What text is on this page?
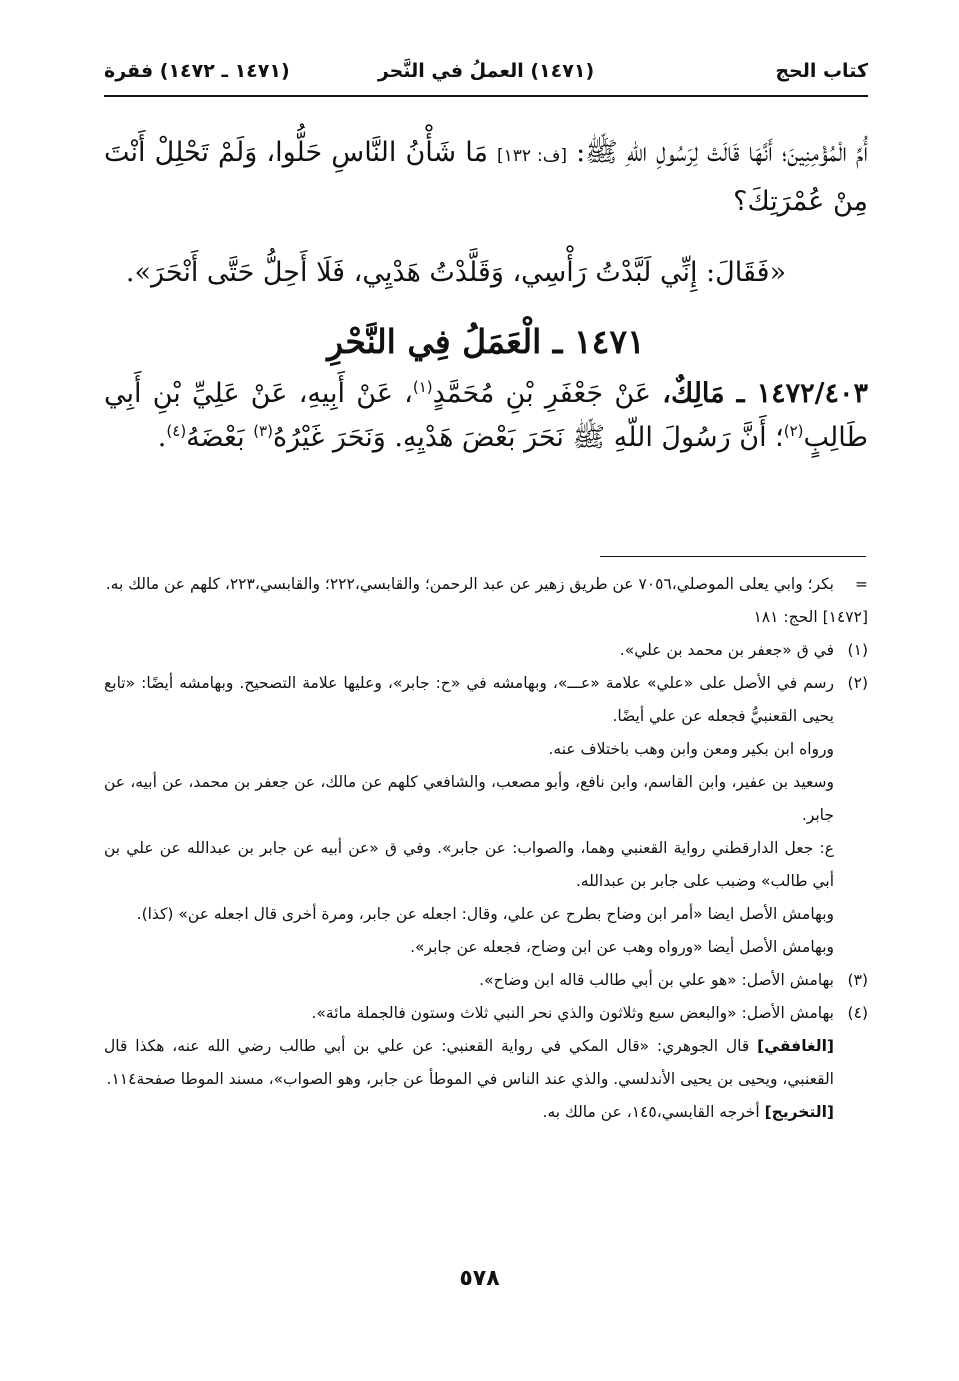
(١٤٧١) العملُ في النَّحر	كتاب الحج
(١٤٧١ ـ ١٤٧٢) فقرة
أُمِّ الْمُؤْمِنِينَ؛ أَنَّهَا قَالَتْ لِرَسُولِ اللّهِ ﷺ: [ف: ١٣٢] مَا شَأْنُ النَّاسِ حَلُّوا، وَلَمْ تَحْلِلْ أَنْتَ مِنْ عُمْرَتِكَ؟
«فَقَالَ: إِنِّي لَبَّدْتُ رَأْسِي، وَقَلَّدْتُ هَدْيِي، فَلَا أَحِلُّ حَتَّى أَنْحَرَ».
١٤٧١ ـ الْعَمَلُ فِي النَّحْرِ
١٤٧٢/٤٠٣ ـ مَالِكٌ، عَنْ جَعْفَرِ بْنِ مُحَمَّدٍ$^{(١)}$، عَنْ أَبِيهِ، عَنْ عَلِيِّ بْنِ أَبِي طَالِبٍ$^{(٢)}$؛ أَنَّ رَسُولَ اللّهِ ﷺ نَحَرَ بَعْضَ هَدْيِهِ. وَنَحَرَ غَيْرُهُ$^{(٣)}$ بَعْضَهُ$^{(٤)}$.
=
بكر؛ وابي يعلى الموصلي،٧٠٥٦ عن طريق زهير عن عبد الرحمن؛ والقابسي،٢٢٢؛ والقابسي،٢٢٣، كلهم عن مالك به.
[١٤٧٢] الحج: ١٨١
(١)
في ق «جعفر بن محمد بن علي».
(٢)
رسم في الأصل على «علي» علامة «عـــ»، وبهامشه في «ح: جابر»، وعليها علامة التصحيح. وبهامشه أيضًا: «تابع يحيى القعنبيُّ فجعله عن علي أيضًا.
ورواه ابن بكير ومعن وابن وهب باختلاف عنه.
وسعيد بن عفير، وابن القاسم، وابن نافع، وأبو مصعب، والشافعي كلهم عن مالك، عن جعفر بن محمد، عن أبيه، عن جابر.
ع: جعل الدارقطني رواية القعنبي وهما، والصواب: عن جابر». وفي ق «عن أبيه عن جابر بن عبدالله عن علي بن أبي طالب» وضبب على جابر بن عبدالله.
وبهامش الأصل ايضا «أمر ابن وضاح بطرح عن علي، وقال: اجعله عن جابر، ومرة أخرى قال اجعله عن» (كذا).
وبهامش الأصل أيضا «ورواه وهب عن ابن وضاح، فجعله عن جابر».
(٣)
بهامش الأصل: «هو علي بن أبي طالب قاله ابن وضاح».
(٤)
بهامش الأصل: «والبعض سبع وثلاثون والذي نحر النبي ثلاث وستون فالجملة مائة».
[الغافقي] قال الجوهري: «قال المكي في رواية القعنبي: عن علي بن أبي طالب رضي الله عنه، هكذا قال القعنبي، ويحيى بن يحيى الأندلسي. والذي عند الناس في الموطأ عن جابر، وهو الصواب»، مسند الموطا صفحة١١٤.
[التخريج] أخرجه القابسي،١٤٥، عن مالك به.
٥٧٨
